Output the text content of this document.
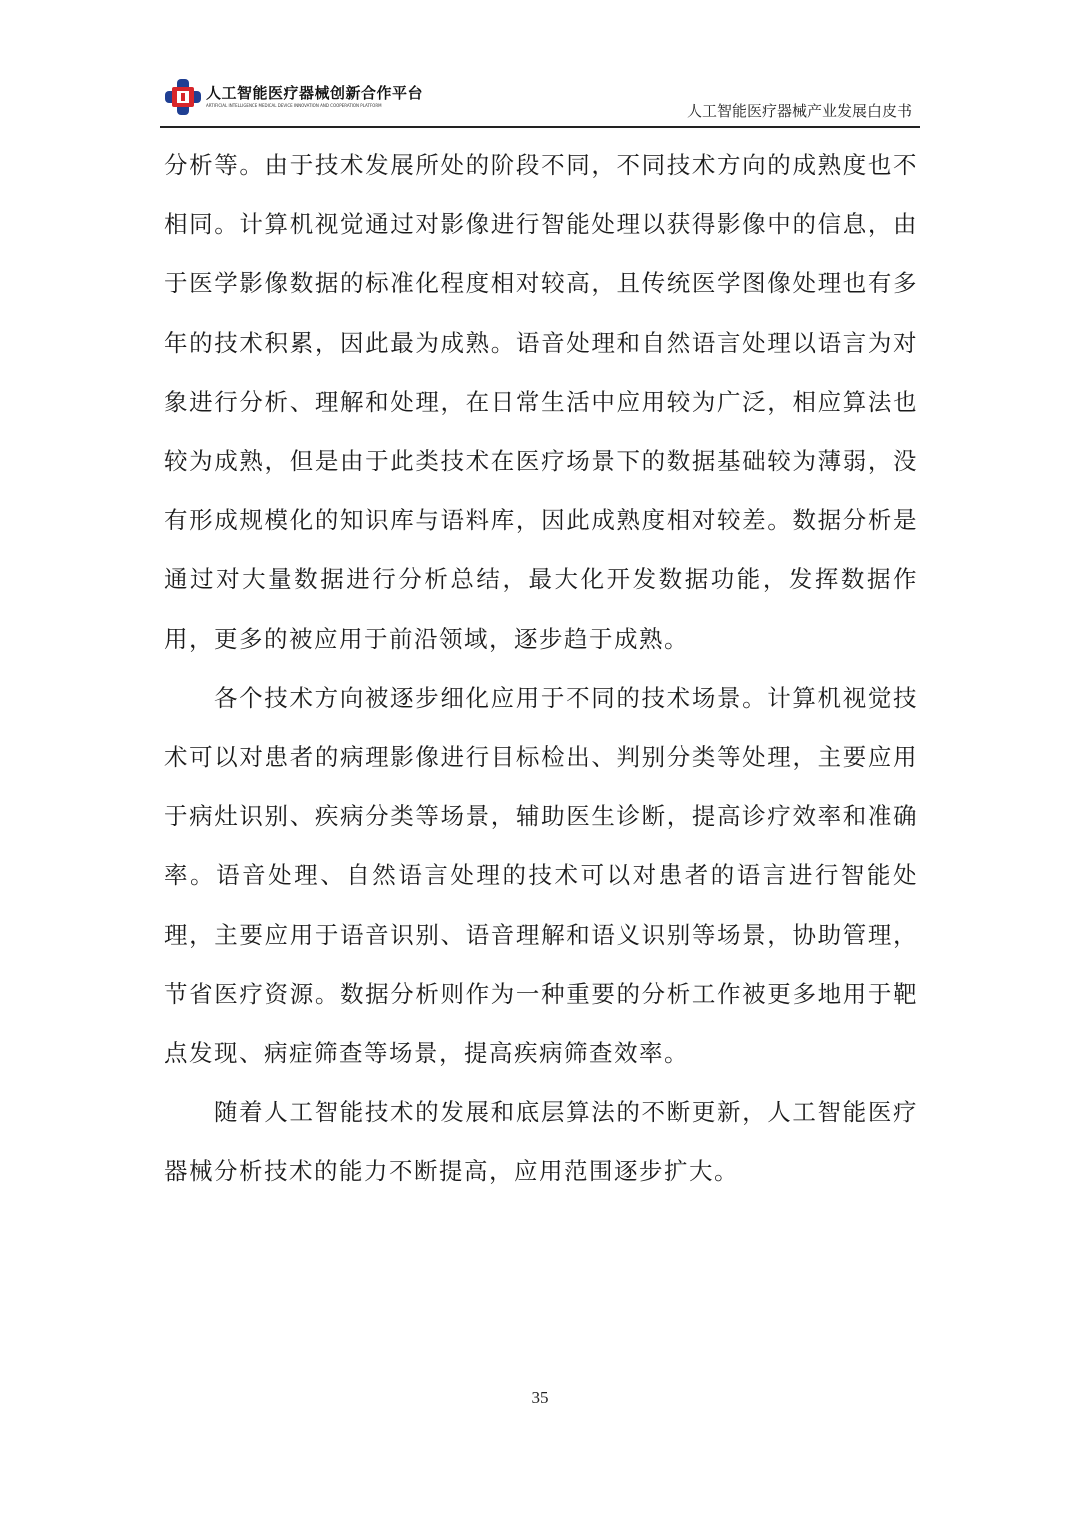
人工智能医疗器械创新合作平台
ARTIFICIAL INTELLIGENCE MEDICAL DEVICE INNOVATION AND COOPERATION PLATFORM	人工智能医疗器械产业发展白皮书

分析等。由于技术发展所处的阶段不同，不同技术方向的成熟度也不相同。计算机视觉通过对影像进行智能处理以获得影像中的信息，由于医学影像数据的标准化程度相对较高，且传统医学图像处理也有多年的技术积累，因此最为成熟。语音处理和自然语言处理以语言为对象进行分析、理解和处理，在日常生活中应用较为广泛，相应算法也较为成熟，但是由于此类技术在医疗场景下的数据基础较为薄弱，没有形成规模化的知识库与语料库，因此成熟度相对较差。数据分析是通过对大量数据进行分析总结，最大化开发数据功能，发挥数据作用，更多的被应用于前沿领域，逐步趋于成熟。

各个技术方向被逐步细化应用于不同的技术场景。计算机视觉技术可以对患者的病理影像进行目标检出、判别分类等处理，主要应用于病灶识别、疾病分类等场景，辅助医生诊断，提高诊疗效率和准确率。语音处理、自然语言处理的技术可以对患者的语言进行智能处理，主要应用于语音识别、语音理解和语义识别等场景，协助管理，节省医疗资源。数据分析则作为一种重要的分析工作被更多地用于靶点发现、病症筛查等场景，提高疾病筛查效率。

随着人工智能技术的发展和底层算法的不断更新，人工智能医疗器械分析技术的能力不断提高，应用范围逐步扩大。

35
